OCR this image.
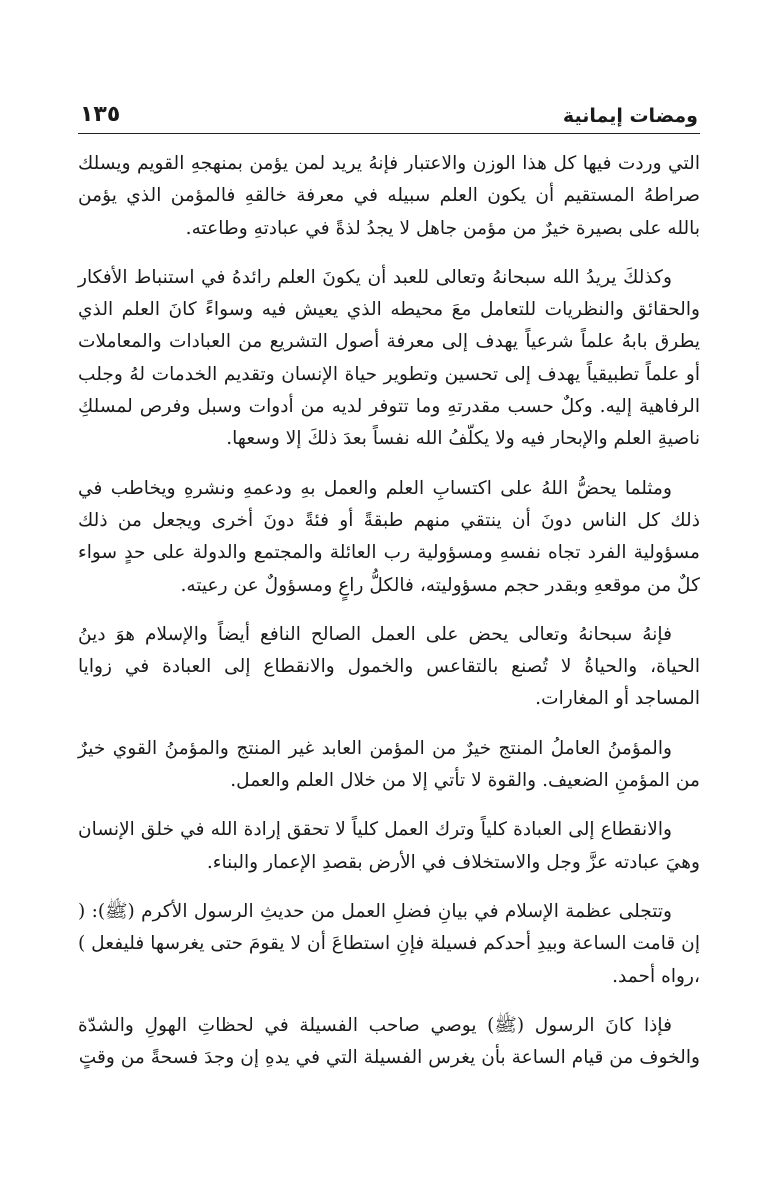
ومضات إيمانية
١٣٥

التي وردت فيها كل هذا الوزن والاعتبار فإنهُ يريد لمن يؤمن بمنهجهِ القويم ويسلك صراطهُ المستقيم أن يكون العلم سبيله في معرفة خالقهِ فالمؤمن الذي يؤمن بالله على بصيرة خيرٌ من مؤمن جاهل لا يجدُ لذةً في عبادتهِ وطاعته.

وكذلكَ يريدُ الله سبحانهُ وتعالى للعبد أن يكونَ العلم رائدهُ في استنباط الأفكار والحقائق والنظريات للتعامل معَ محيطه الذي يعيش فيه وسواءً كانَ العلم الذي يطرق بابهُ علماً شرعياً يهدف إلى معرفة أصول التشريع من العبادات والمعاملات أو علماً تطبيقياً يهدف إلى تحسين وتطوير حياة الإنسان وتقديم الخدمات لهُ وجلب الرفاهية إليه. وكلٌ حسب مقدرتهِ وما تتوفر لديه من أدوات وسبل وفرص لمسلكِ ناصيةِ العلم والإبحار فيه ولا يكلّفُ الله نفساً بعدَ ذلكَ إلا وسعها.

ومثلما يحضُّ اللهُ على اكتسابِ العلم والعمل بهِ ودعمهِ ونشرهِ ويخاطب في ذلك كل الناس دونَ أن ينتقي منهم طبقةً أو فئةً دونَ أخرى ويجعل من ذلك مسؤولية الفرد تجاه نفسهِ ومسؤولية رب العائلة والمجتمع والدولة على حدٍ سواء كلٌ من موقعهِ وبقدر حجم مسؤوليته، فالكلُّ راعٍ ومسؤولٌ عن رعيته.

فإنهُ سبحانهُ وتعالى يحض على العمل الصالح النافع أيضاً والإسلام هوَ دينُ الحياة، والحياةُ لا تُصنع بالتقاعس والخمول والانقطاع إلى العبادة في زوايا المساجد أو المغارات.

والمؤمنُ العاملُ المنتج خيرٌ من المؤمن العابد غير المنتج والمؤمنُ القوي خيرٌ من المؤمنِ الضعيف. والقوة لا تأتي إلا من خلال العلم والعمل.

والانقطاع إلى العبادة كلياً وترك العمل كلياً لا تحقق إرادة الله في خلق الإنسان وهيَ عبادته عزَّ وجل والاستخلاف في الأرض بقصدِ الإعمار والبناء.

وتتجلى عظمة الإسلام في بيانِ فضلِ العمل من حديثِ الرسول الأكرم (ﷺ): ( إن قامت الساعة وبيدِ أحدكم فسيلة فإنِ استطاعَ أن لا يقومَ حتى يغرسها فليفعل ) ،رواه أحمد.

فإذا كانَ الرسول (ﷺ) يوصي صاحب الفسيلة في لحظاتِ الهولِ والشدّة والخوف من قيام الساعة بأن يغرس الفسيلة التي في يدهِ إن وجدَ فسحةً من وقتٍ
